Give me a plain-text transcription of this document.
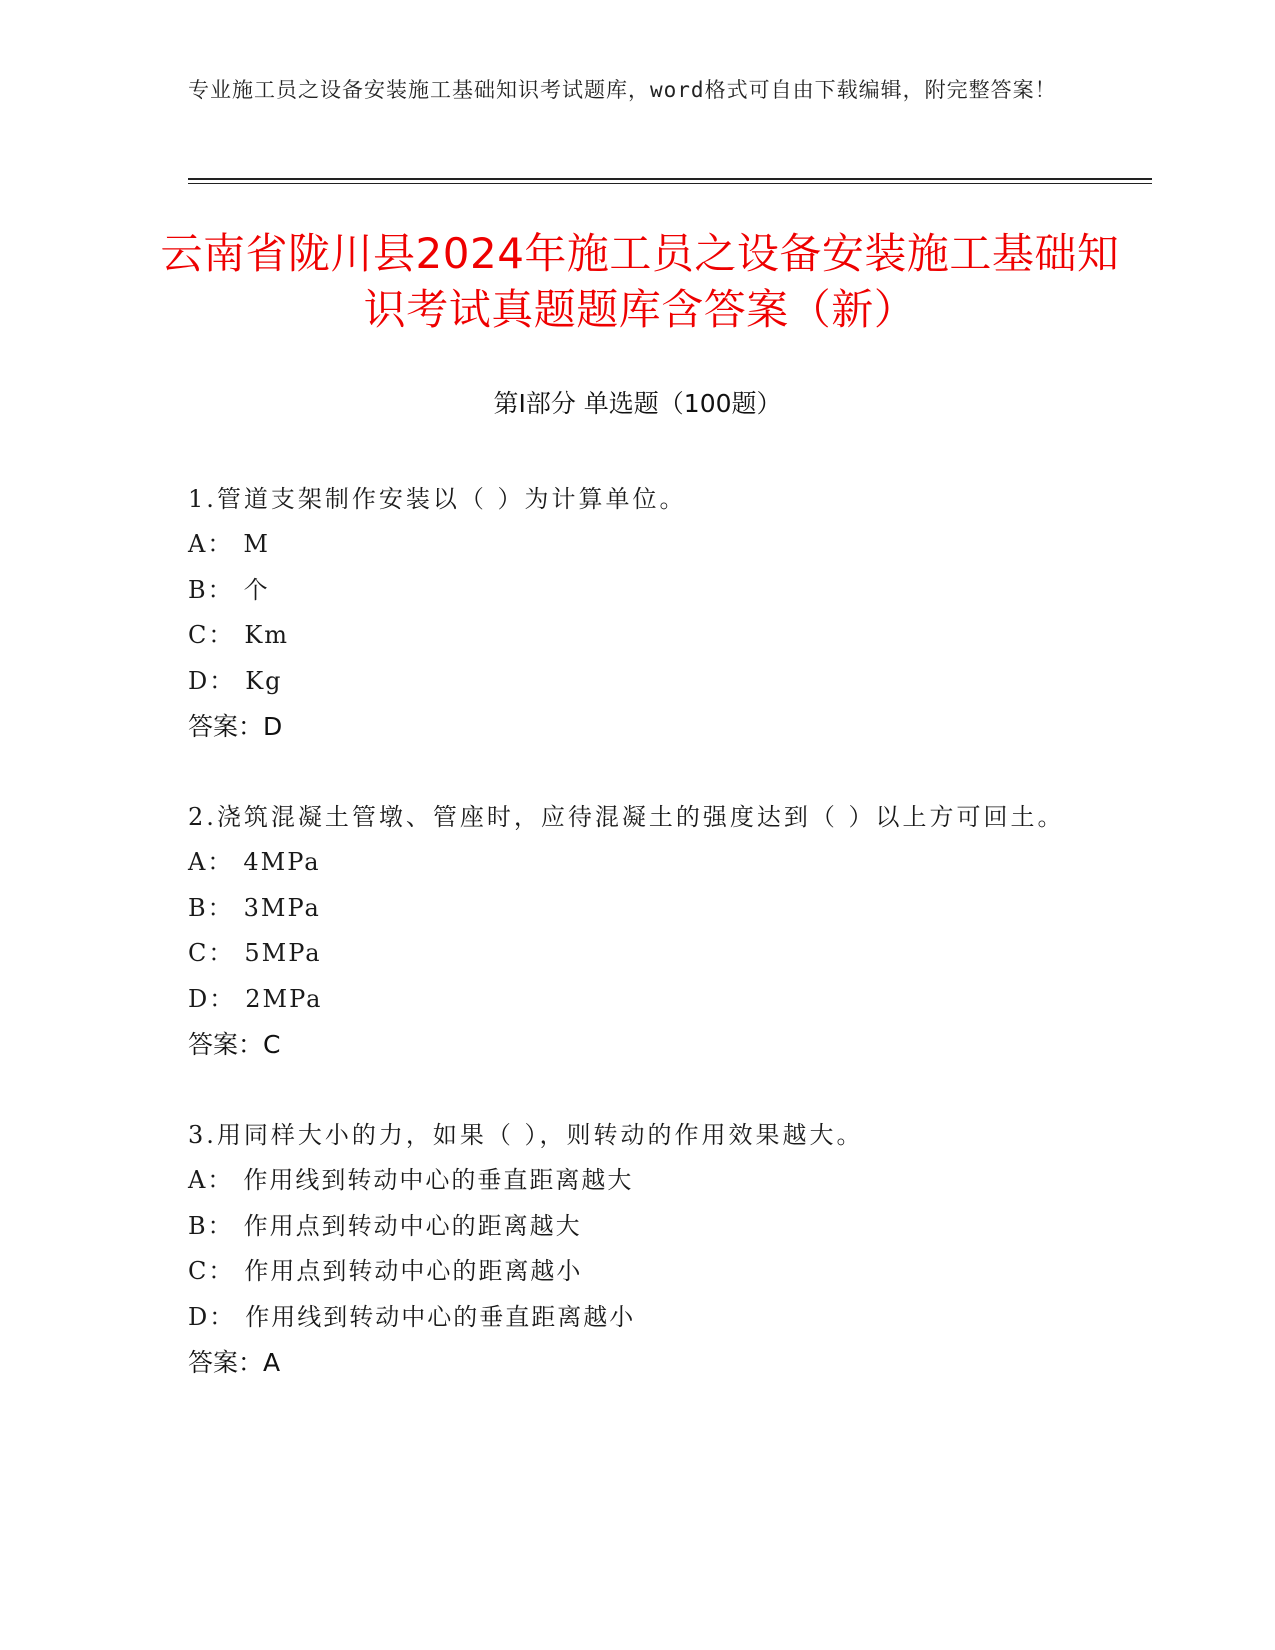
专业施工员之设备安装施工基础知识考试题库，word格式可自由下载编辑，附完整答案！
云南省陇川县2024年施工员之设备安装施工基础知识考试真题题库含答案（新）
第Ⅰ部分 单选题（100题）

1.管道支架制作安装以（ ）为计算单位。

A： M

B： 个

C： Km

D： Kg

答案：D

2.浇筑混凝土管墩、管座时，应待混凝土的强度达到（ ）以上方可回土。

A： 4MPa

B： 3MPa

C： 5MPa

D： 2MPa

答案：C

3.用同样大小的力，如果（ ），则转动的作用效果越大。

A： 作用线到转动中心的垂直距离越大

B： 作用点到转动中心的距离越大

C： 作用点到转动中心的距离越小

D： 作用线到转动中心的垂直距离越小

答案：A
